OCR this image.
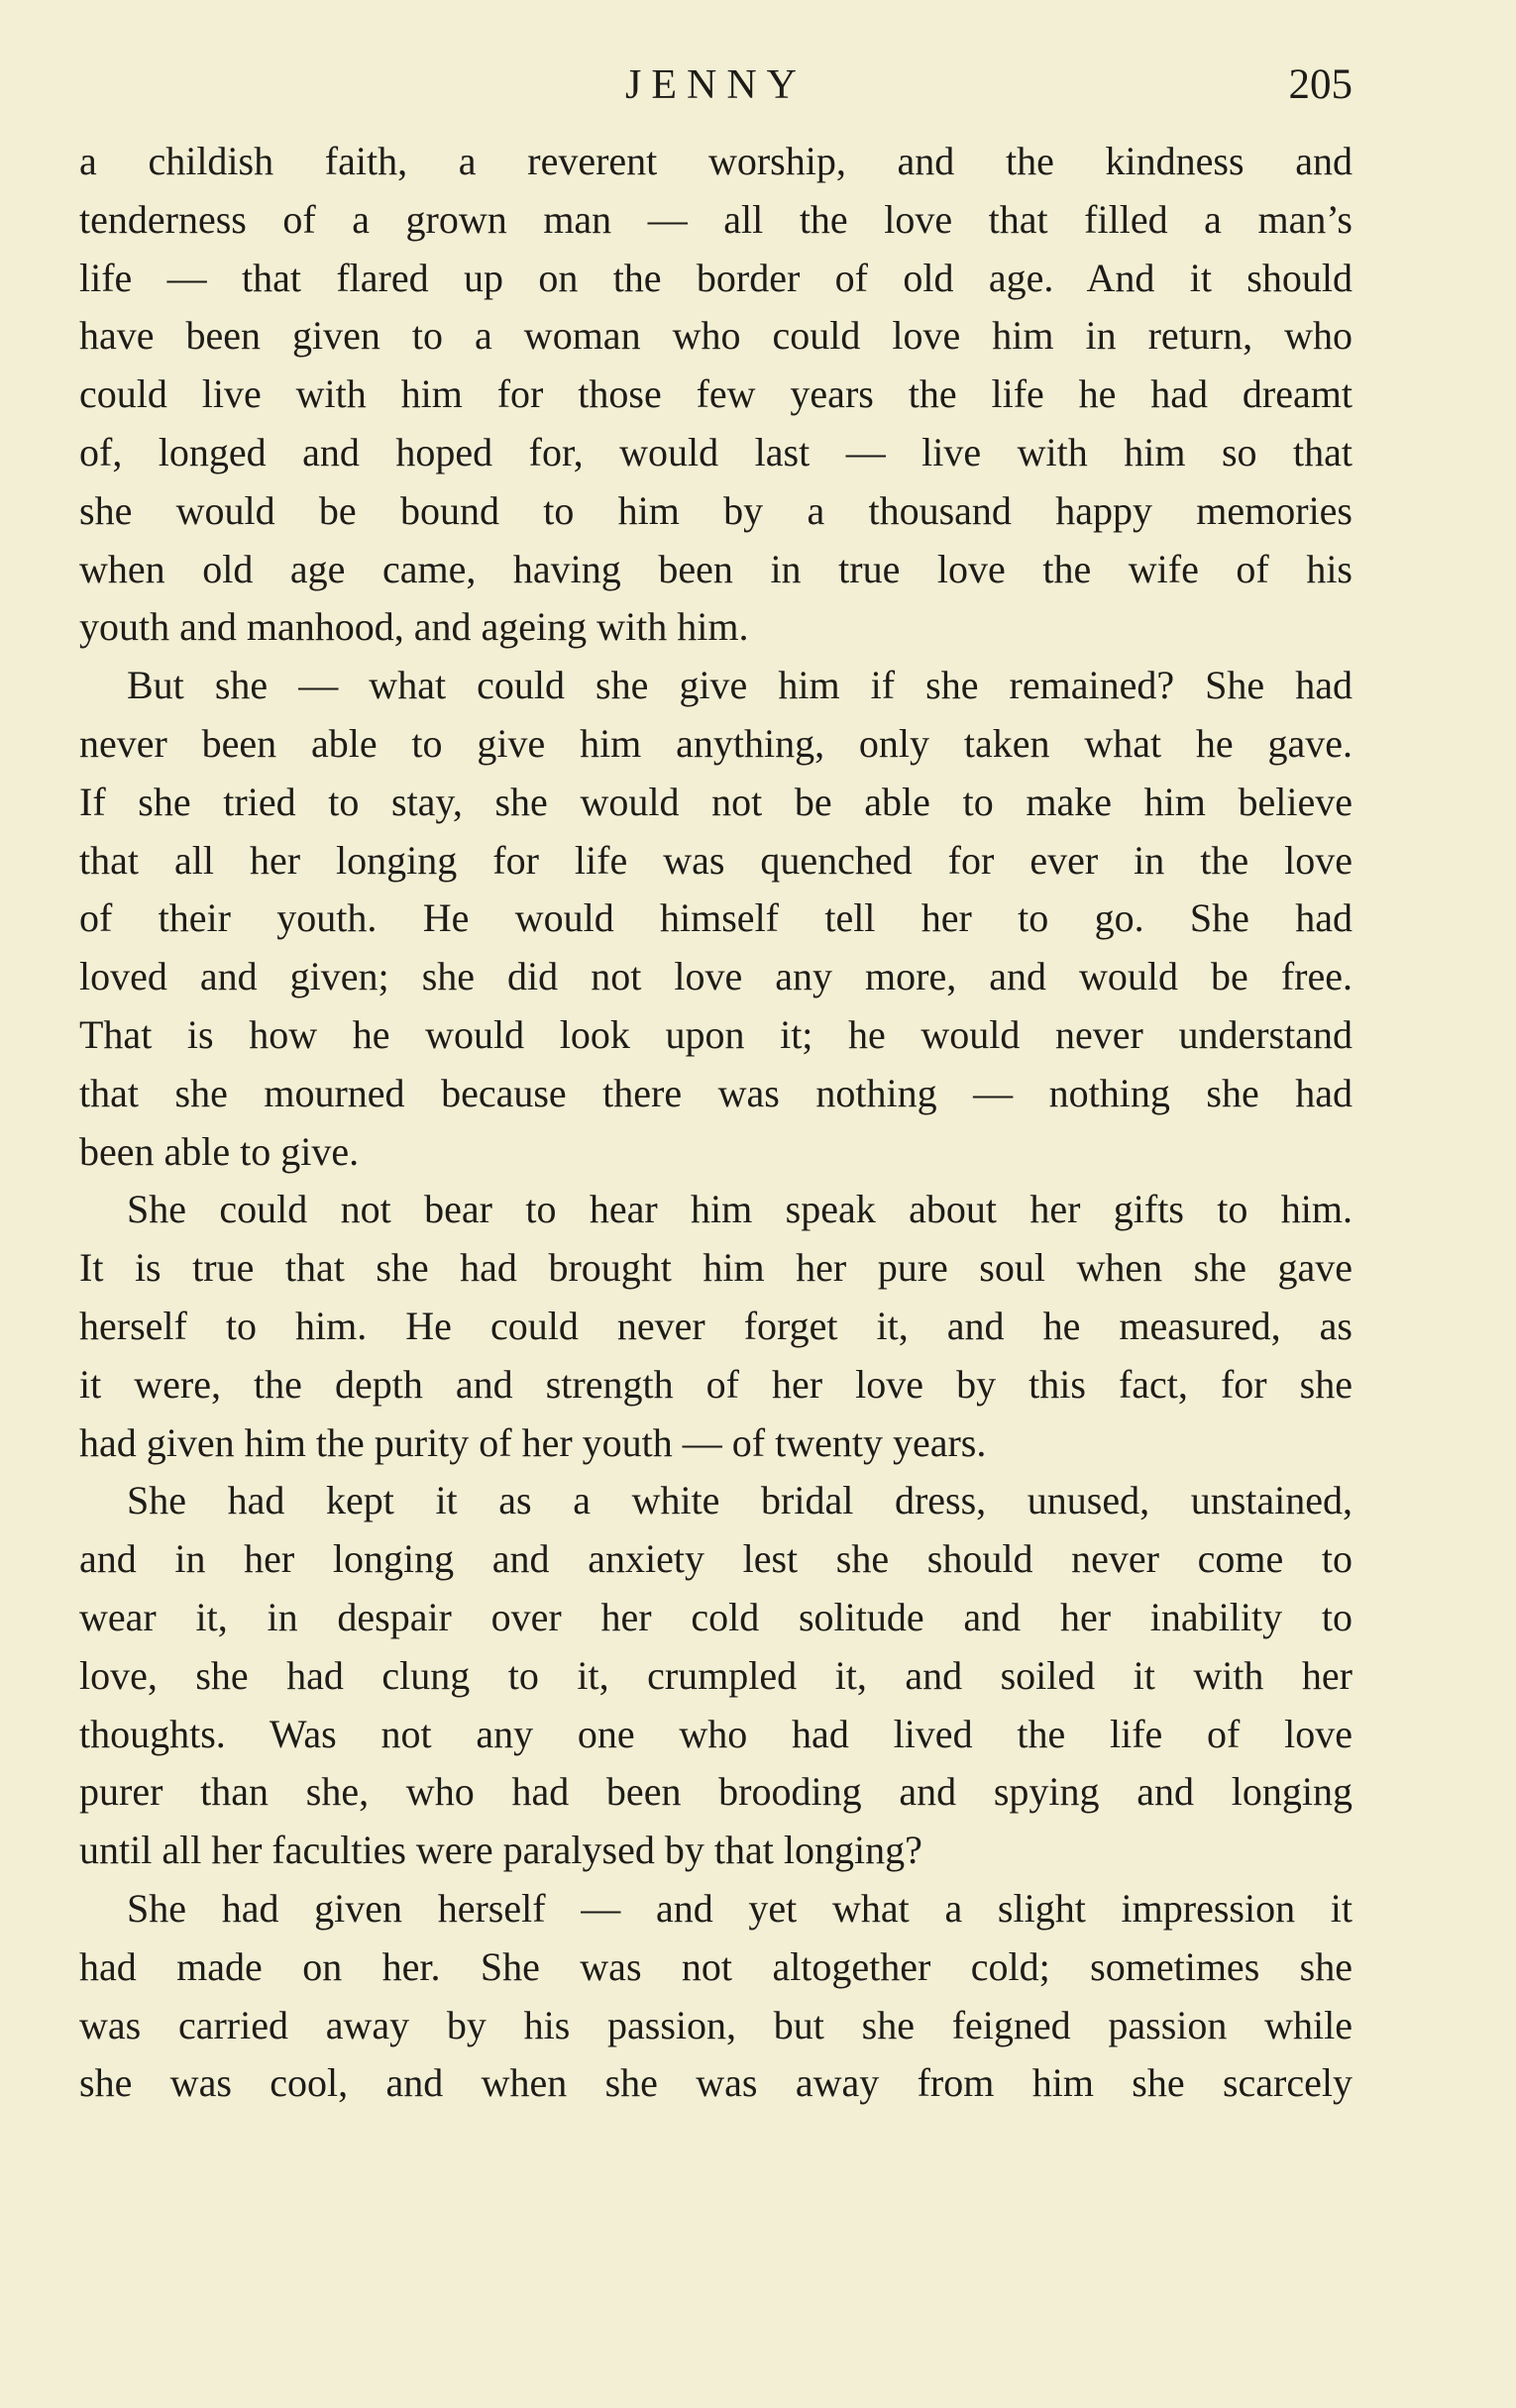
JENNY	205
a childish faith, a reverent worship, and the kindness and
tenderness of a grown man — all the love that filled a man’s
life — that flared up on the border of old age. And it should
have been given to a woman who could love him in return, who
could live with him for those few years the life he had dreamt
of, longed and hoped for, would last — live with him so that
she would be bound to him by a thousand happy memories
when old age came, having been in true love the wife of his
youth and manhood, and ageing with him.
But she — what could she give him if she remained? She had
never been able to give him anything, only taken what he gave.
If she tried to stay, she would not be able to make him believe
that all her longing for life was quenched for ever in the love
of their youth. He would himself tell her to go. She had
loved and given; she did not love any more, and would be free.
That is how he would look upon it; he would never understand
that she mourned because there was nothing — nothing she had
been able to give.
She could not bear to hear him speak about her gifts to him.
It is true that she had brought him her pure soul when she gave
herself to him. He could never forget it, and he measured, as
it were, the depth and strength of her love by this fact, for she
had given him the purity of her youth — of twenty years.
She had kept it as a white bridal dress, unused, unstained,
and in her longing and anxiety lest she should never come to
wear it, in despair over her cold solitude and her inability to
love, she had clung to it, crumpled it, and soiled it with her
thoughts. Was not any one who had lived the life of love
purer than she, who had been brooding and spying and longing
until all her faculties were paralysed by that longing?
She had given herself — and yet what a slight impression it
had made on her. She was not altogether cold; sometimes she
was carried away by his passion, but she feigned passion while
she was cool, and when she was away from him she scarcely
